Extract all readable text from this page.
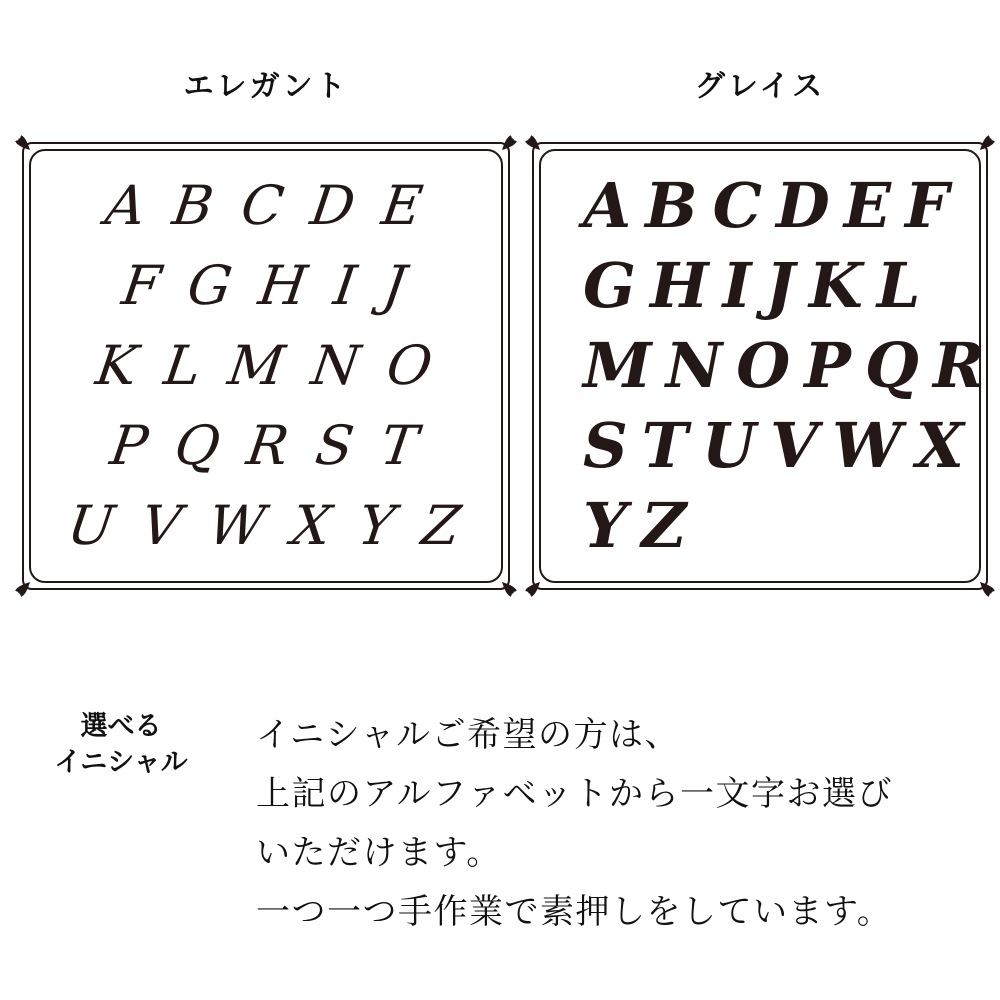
エレガント
ABCDE
FGHIJ
KLMNO
PQRST
UVWXYZ
グレイス
ABCDEF
GHIJKL
MNOPQR
STUVWX
YZ
選べる
イニシャル
イニシャルご希望の方は、
上記のアルファベットから一文字お選び
いただけます。
一つ一つ手作業で素押しをしています。
